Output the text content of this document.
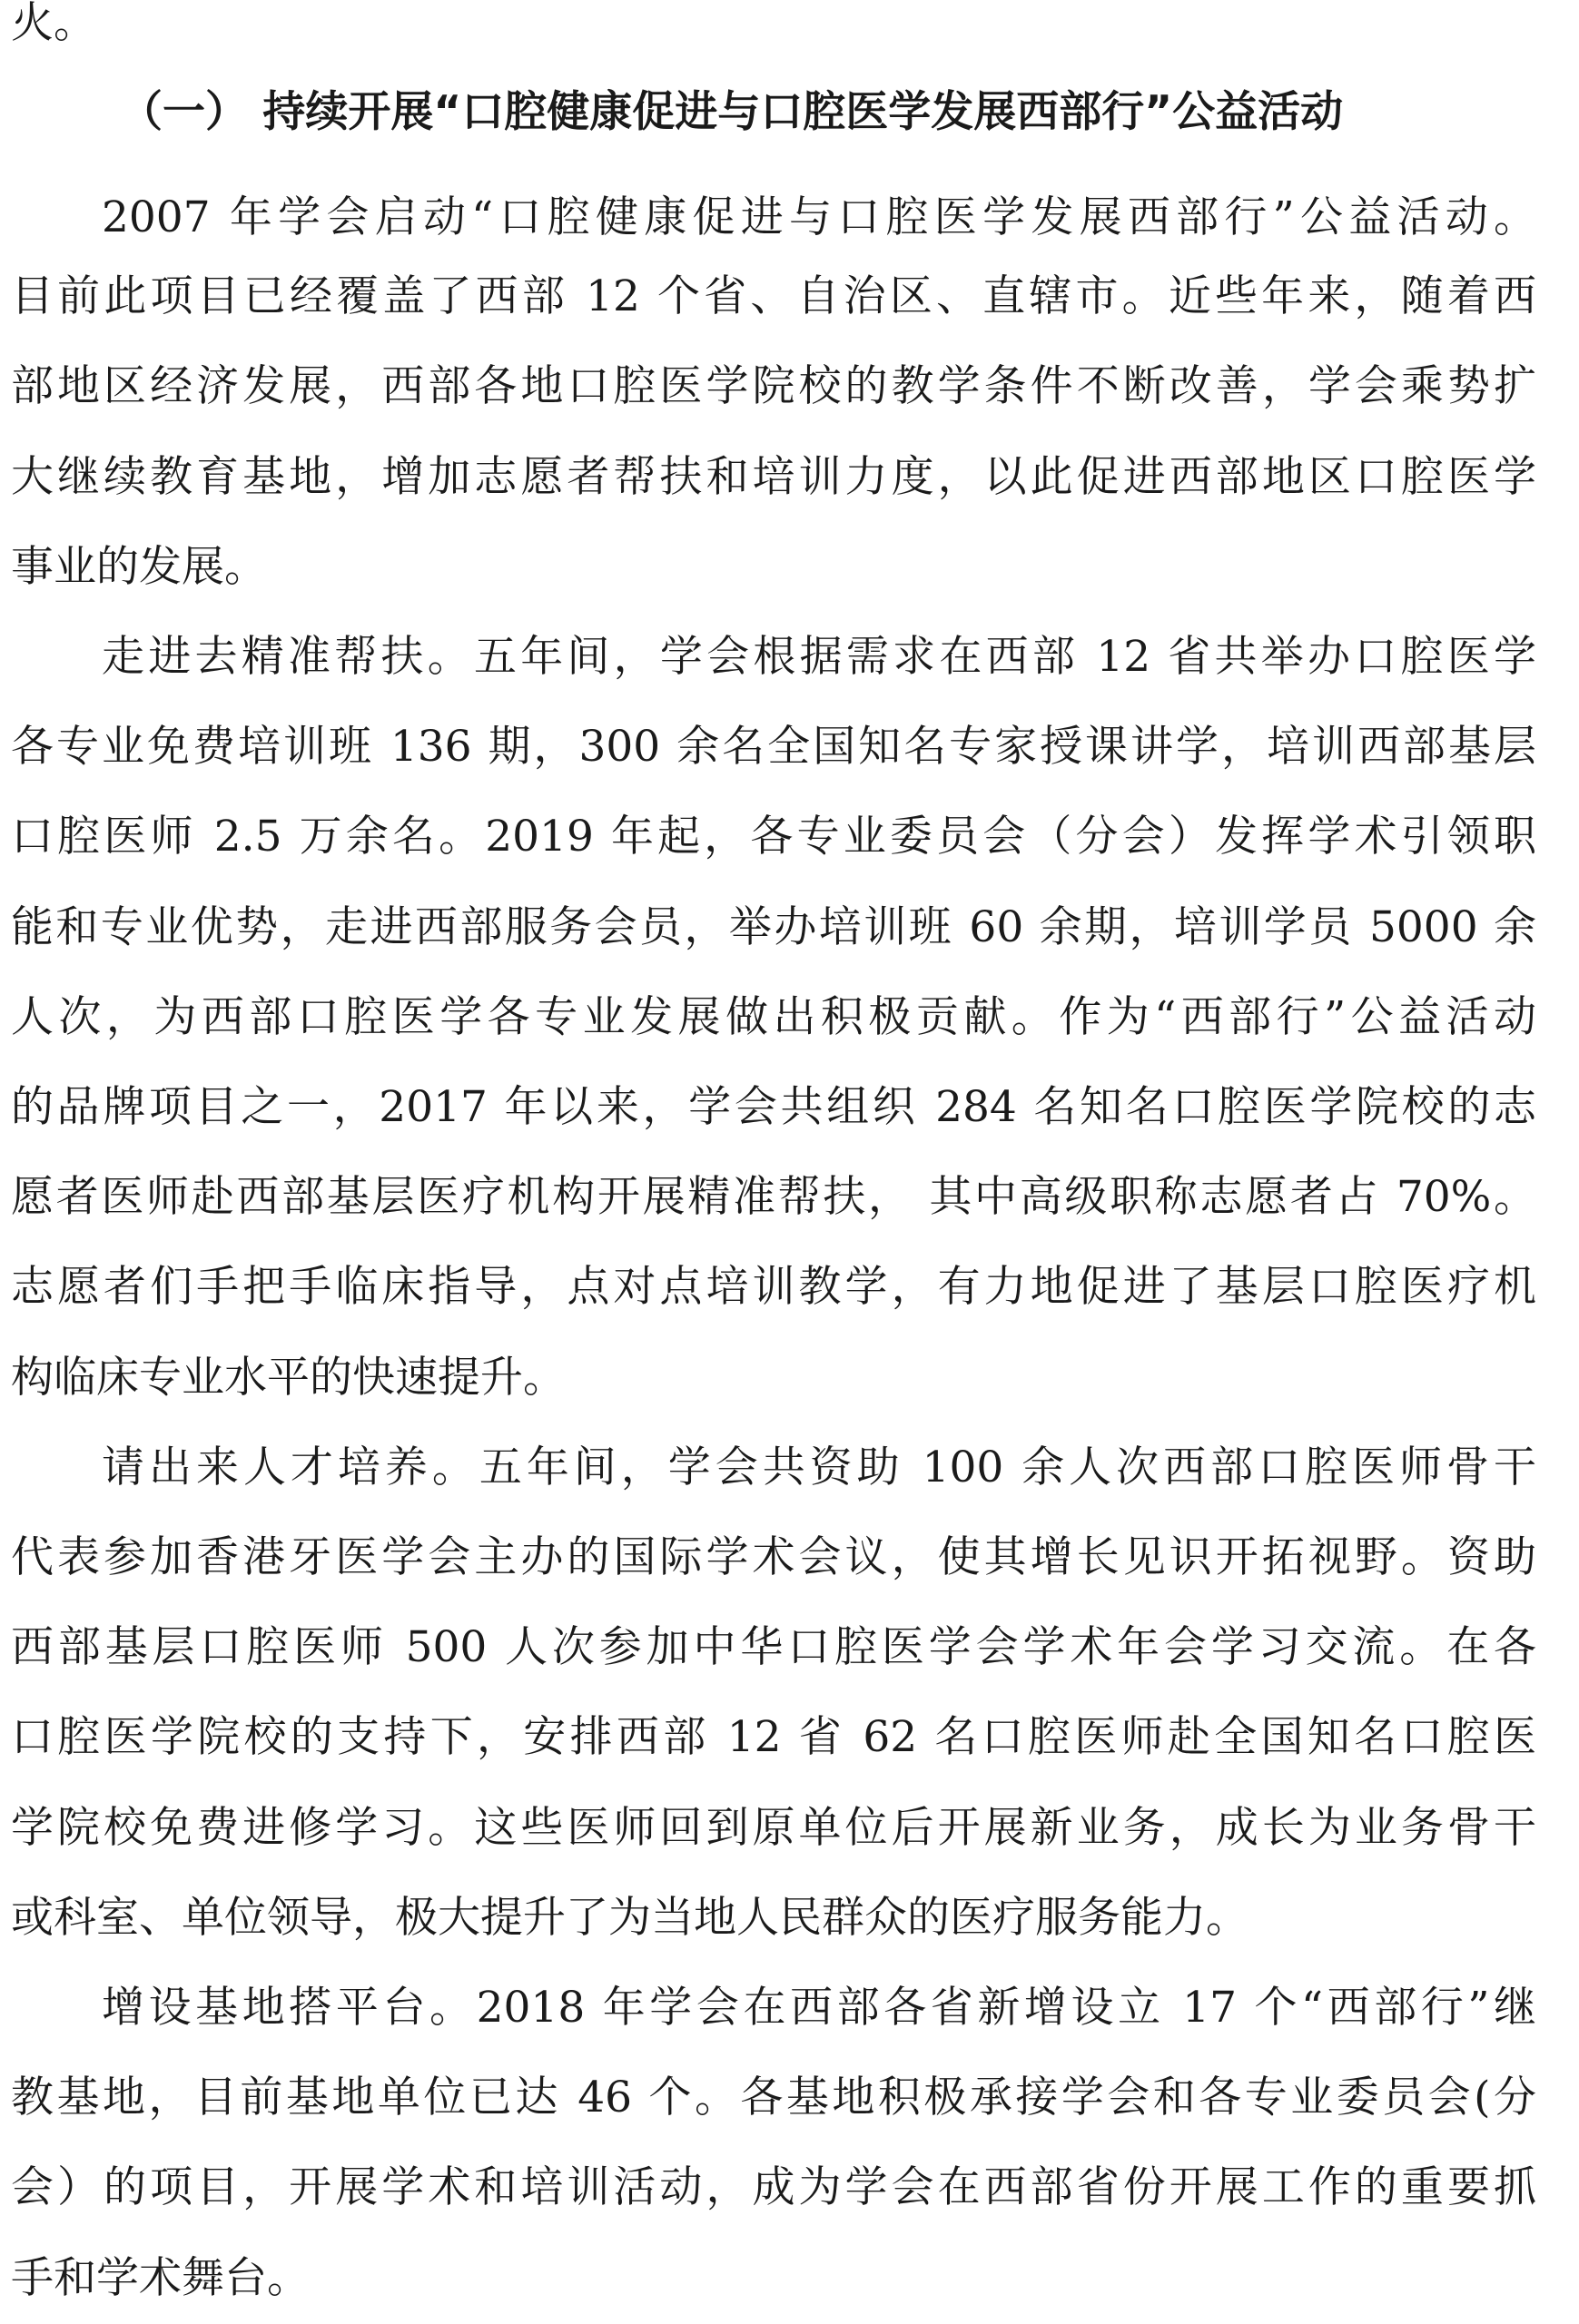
火。
（一） 持续开展“口腔健康促进与口腔医学发展西部行”公益活动
2007 年学会启动“口腔健康促进与口腔医学发展西部行”公益活动。
目前此项目已经覆盖了西部 12 个省、自治区、直辖市。近些年来，随着西
部地区经济发展，西部各地口腔医学院校的教学条件不断改善，学会乘势扩
大继续教育基地，增加志愿者帮扶和培训力度，以此促进西部地区口腔医学
事业的发展。
走进去精准帮扶。五年间，学会根据需求在西部 12 省共举办口腔医学
各专业免费培训班 136 期，300 余名全国知名专家授课讲学，培训西部基层
口腔医师 2.5 万余名。2019 年起，各专业委员会（分会）发挥学术引领职
能和专业优势，走进西部服务会员，举办培训班 60 余期，培训学员 5000 余
人次，为西部口腔医学各专业发展做出积极贡献。作为“西部行”公益活动
的品牌项目之一，2017 年以来，学会共组织 284 名知名口腔医学院校的志
愿者医师赴西部基层医疗机构开展精准帮扶， 其中高级职称志愿者占 70%。
志愿者们手把手临床指导，点对点培训教学，有力地促进了基层口腔医疗机
构临床专业水平的快速提升。
请出来人才培养。五年间，学会共资助 100 余人次西部口腔医师骨干
代表参加香港牙医学会主办的国际学术会议，使其增长见识开拓视野。资助
西部基层口腔医师 500 人次参加中华口腔医学会学术年会学习交流。在各
口腔医学院校的支持下，安排西部 12 省 62 名口腔医师赴全国知名口腔医
学院校免费进修学习。这些医师回到原单位后开展新业务，成长为业务骨干
或科室、单位领导，极大提升了为当地人民群众的医疗服务能力。
增设基地搭平台。2018 年学会在西部各省新增设立 17 个“西部行”继
教基地，目前基地单位已达 46 个。各基地积极承接学会和各专业委员会(分
会）的项目，开展学术和培训活动，成为学会在西部省份开展工作的重要抓
手和学术舞台。
